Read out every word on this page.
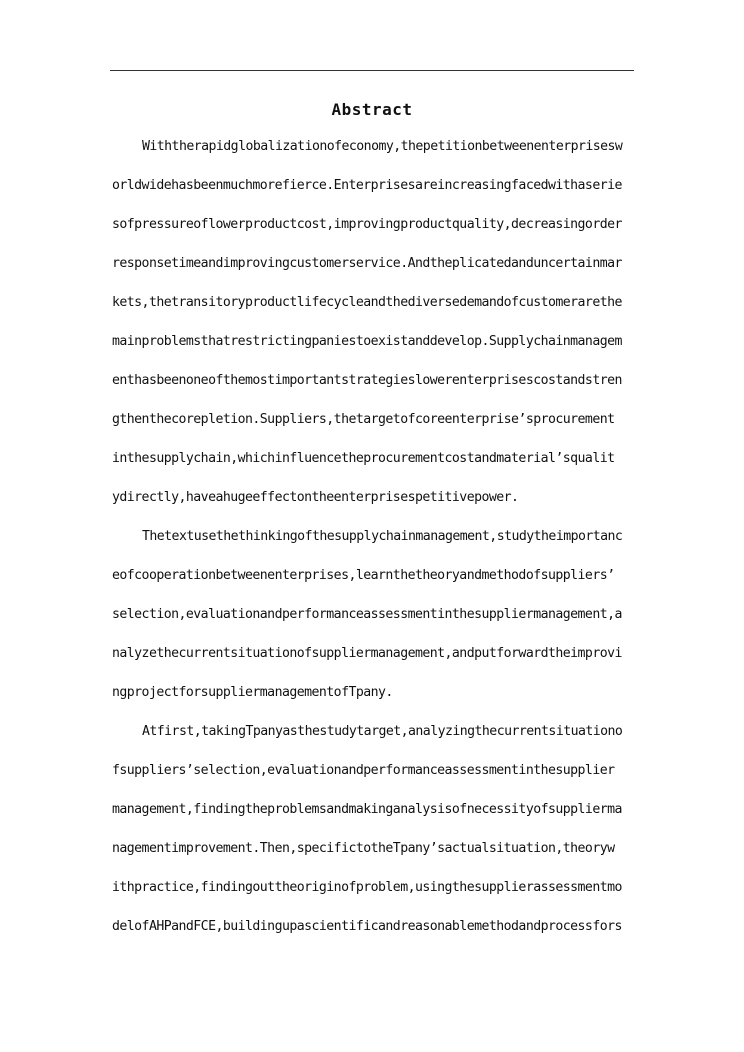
Abstract
Withtherapidglobalizationofeconomy,thepetitionbetweenenterprisesw
orldwidehasbeenmuchmorefierce.Enterprisesareincreasingfacedwithaserie
sofpressureoflowerproductcost,improvingproductquality,decreasingorder
responsetimeandimprovingcustomerservice.Andtheplicatedanduncertainmar
kets,thetransitoryproductlifecycleandthediversedemandofcustomerarethe
mainproblemsthatrestrictingpaniestoexistanddevelop.Supplychainmanagem
enthasbeenoneofthemostimportantstrategieslowerenterprisescostandstren
gthenthecorepletion.Suppliers,thetargetofcoreenterprise’sprocurement
inthesupplychain,whichinfluencetheprocurementcostandmaterial’squalit
ydirectly,haveahugeeffectontheenterprisespetitivepower.
Thetextusethethinkingofthesupplychainmanagement,studytheimportanc
eofcooperationbetweenenterprises,learnthetheoryandmethodofsuppliers’
selection,evaluationandperformanceassessmentinthesuppliermanagement,a
nalyzethecurrentsituationofsuppliermanagement,andputforwardtheimprovi
ngprojectforsuppliermanagementofTpany.
Atfirst,takingTpanyasthestudytarget,analyzingthecurrentsituationo
fsuppliers’selection,evaluationandperformanceassessmentinthesupplier
management,findingtheproblemsandmakinganalysisofnecessityofsupplierma
nagementimprovement.Then,specifictotheTpany’sactualsituation,theoryw
ithpractice,findingouttheoriginofproblem,usingthesupplierassessmentmo
delofAHPandFCE,buildingupascientificandreasonablemethodandprocessfors
